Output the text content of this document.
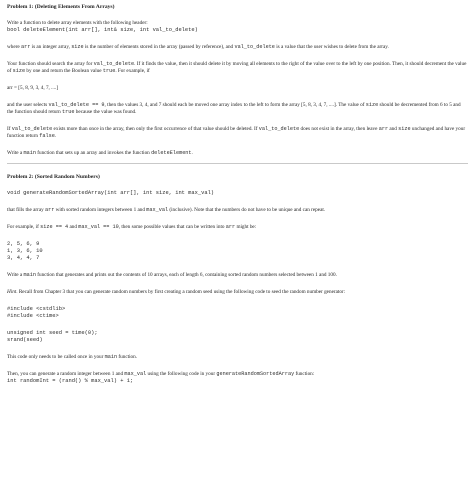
Problem 1: (Deleting Elements From Arrays)

Write a function to delete array elements with the following header:

bool deleteElement(int arr[], int& size, int val_to_delete)

where arr is an integer array, size is the number of elements stored in the array (passed by reference), and val_to_delete is a value that the user wishes to delete from the array.

Your function should search the array for val_to_delete. If it finds the value, then it should delete it by moving all elements to the right of the value over to the left by one position. Then, it should decrement the value of size by one and return the Boolean value true. For example, if

arr = [5, 8, 9, 3, 4, 7, ....]

and the user selects val_to_delete == 9, then the values 3, 4, and 7 should each be moved one array index to the left to form the array [5, 8, 3, 4, 7, ....]. The value of size should be decremented from 6 to 5 and the function should return true because the value was found.

If val_to_delete exists more than once in the array, then only the first occurrence of that value should be deleted. If val_to_delete does not exist in the array, then leave arr and size unchanged and have your function return false.

Write a main function that sets up an array and invokes the function deleteElement.

Problem 2: (Sorted Random Numbers)

void generateRandomSortedArray(int arr[], int size, int max_val)

that fills the array arr with sorted random integers between 1 and max_val (inclusive). Note that the numbers do not have to be unique and can repeat.

For example, if size == 4 and max_val == 10, then some possible values that can be written into arr might be:

2, 5, 6, 9

1, 3, 6, 10

3, 4, 4, 7

Write a main function that generates and prints out the contents of 10 arrays, each of length 6, containing sorted random numbers selected between 1 and 100.

Hint. Recall from Chapter 3 that you can generate random numbers by first creating a random seed using the following code to seed the random number generator:

#include <cstdlib>

#include <ctime>

unsigned int seed = time(0);

srand(seed)

This code only needs to be called once in your main function.

Then, you can generate a random integer between 1 and max_val using the following code in your generateRandomSortedArray function:

int randomInt = (rand() % max_val) + 1;
